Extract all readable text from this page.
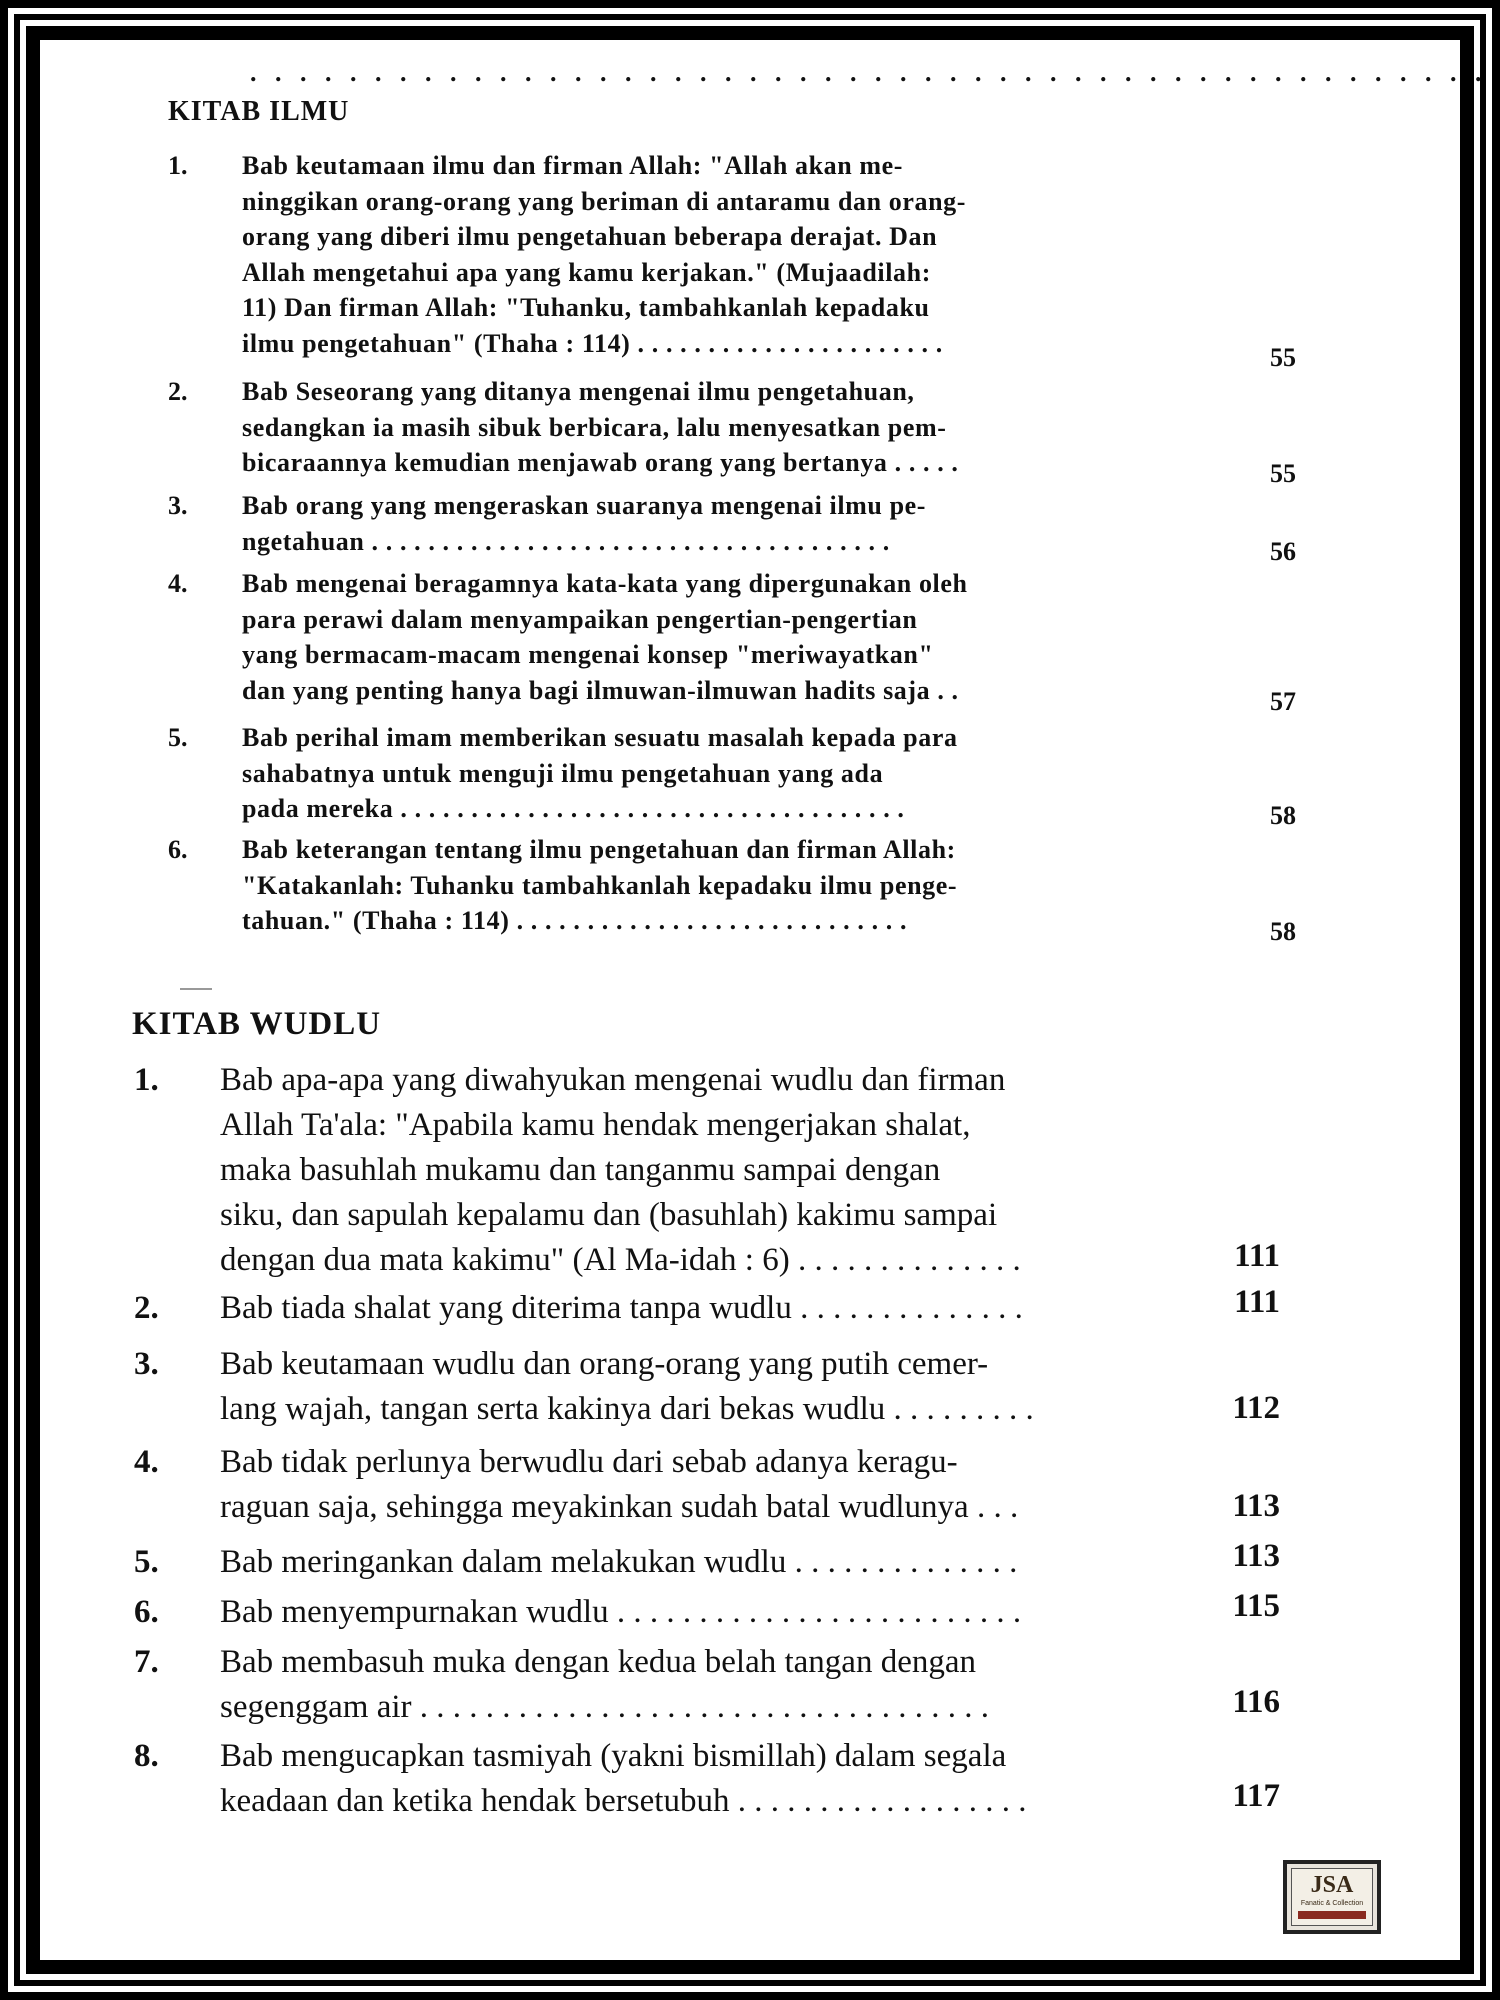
. . . . . . . . . . . . . . . . . . . . . . . . . . . . . . . . . . . . . . . . . . . . . . . . . .
KITAB ILMU
1. Bab keutamaan ilmu dan firman Allah: "Allah akan me-
ninggikan orang-orang yang beriman di antaramu dan orang-
orang yang diberi ilmu pengetahuan beberapa derajat. Dan
Allah mengetahui apa yang kamu kerjakan." (Mujaadilah:
11) Dan firman Allah: "Tuhanku, tambahkanlah kepadaku
ilmu pengetahuan" (Thaha : 114) . . . . . . . . . . . . . . . . . . . . . .	55
2. Bab Seseorang yang ditanya mengenai ilmu pengetahuan,
sedangkan ia masih sibuk berbicara, lalu menyesatkan pem-
bicaraannya kemudian menjawab orang yang bertanya . . . . .	55
3. Bab orang yang mengeraskan suaranya mengenai ilmu pe-
ngetahuan . . . . . . . . . . . . . . . . . . . . . . . . . . . . . . . . . . . . .	56
4. Bab mengenai beragamnya kata-kata yang dipergunakan oleh
para perawi dalam menyampaikan pengertian-pengertian
yang bermacam-macam mengenai konsep "meriwayatkan"
dan yang penting hanya bagi ilmuwan-ilmuwan hadits saja . .	57
5. Bab perihal imam memberikan sesuatu masalah kepada para
sahabatnya untuk menguji ilmu pengetahuan yang ada
pada mereka . . . . . . . . . . . . . . . . . . . . . . . . . . . . . . . . . . . .	58
6. Bab keterangan tentang ilmu pengetahuan dan firman Allah:
"Katakanlah: Tuhanku tambahkanlah kepadaku ilmu penge-
tahuan." (Thaha : 114) . . . . . . . . . . . . . . . . . . . . . . . . . . . .	58
KITAB WUDLU
1. Bab apa-apa yang diwahyukan mengenai wudlu dan firman
Allah Ta'ala: "Apabila kamu hendak mengerjakan shalat,
maka basuhlah mukamu dan tanganmu sampai dengan
siku, dan sapulah kepalamu dan (basuhlah) kakimu sampai
dengan dua mata kakimu" (Al Ma-idah : 6) . . . . . . . . . . . . . .	111
2. Bab tiada shalat yang diterima tanpa wudlu . . . . . . . . . . . . . .	111
3. Bab keutamaan wudlu dan orang-orang yang putih cemer-
lang wajah, tangan serta kakinya dari bekas wudlu . . . . . . . . .	112
4. Bab tidak perlunya berwudlu dari sebab adanya keragu-
raguan saja, sehingga meyakinkan sudah batal wudlunya . . .	113
5. Bab meringankan dalam melakukan wudlu . . . . . . . . . . . . . .	113
6. Bab menyempurnakan wudlu . . . . . . . . . . . . . . . . . . . . . . . . .	115
7. Bab membasuh muka dengan kedua belah tangan dengan
segenggam air . . . . . . . . . . . . . . . . . . . . . . . . . . . . . . . . . . .	116
8. Bab mengucapkan tasmiyah (yakni bismillah) dalam segala
keadaan dan ketika hendak bersetubuh . . . . . . . . . . . . . . . . . .	117
JSA
Fanatic & Collection
